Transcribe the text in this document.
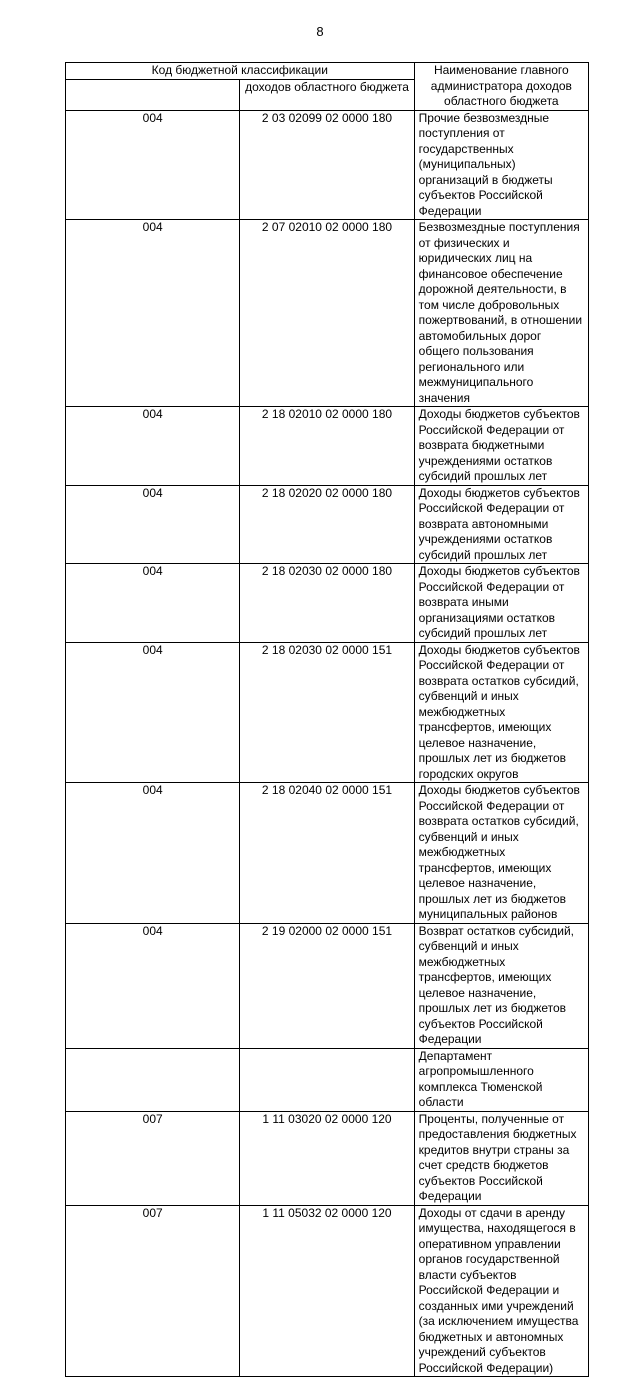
8
Код бюджетной классификации		Наименование главного администратора доходов областного бюджета
	доходов областного бюджета	
004	2 03 02099 02 0000 180	Прочие безвозмездные поступления от государственных (муниципальных) организаций в бюджеты субъектов Российской Федерации
004	2 07 02010 02 0000 180	Безвозмездные поступления от физических и юридических лиц на финансовое обеспечение дорожной деятельности, в том числе добровольных пожертвований, в отношении автомобильных дорог общего пользования регионального или межмуниципального значения
004	2 18 02010 02 0000 180	Доходы бюджетов субъектов Российской Федерации от возврата бюджетными учреждениями остатков субсидий прошлых лет
004	2 18 02020 02 0000 180	Доходы бюджетов субъектов Российской Федерации от возврата автономными учреждениями остатков субсидий прошлых лет
004	2 18 02030 02 0000 180	Доходы бюджетов субъектов Российской Федерации от возврата иными организациями остатков субсидий прошлых лет
004	2 18 02030 02 0000 151	Доходы бюджетов субъектов Российской Федерации от возврата остатков субсидий, субвенций и иных межбюджетных трансфертов, имеющих целевое назначение, прошлых лет из бюджетов городских округов
004	2 18 02040 02 0000 151	Доходы бюджетов субъектов Российской Федерации от возврата остатков субсидий, субвенций и иных межбюджетных трансфертов, имеющих целевое назначение, прошлых лет из бюджетов муниципальных районов
004	2 19 02000 02 0000 151	Возврат остатков субсидий, субвенций и иных межбюджетных трансфертов, имеющих целевое назначение, прошлых лет из бюджетов субъектов Российской Федерации
		Департамент агропромышленного комплекса Тюменской области
007	1 11 03020 02 0000 120	Проценты, полученные от предоставления бюджетных кредитов внутри страны за счет средств бюджетов субъектов Российской Федерации
007	1 11 05032 02 0000 120	Доходы от сдачи в аренду имущества, находящегося в оперативном управлении органов государственной власти субъектов Российской Федерации и созданных ими учреждений (за исключением имущества бюджетных и автономных учреждений субъектов Российской Федерации)
